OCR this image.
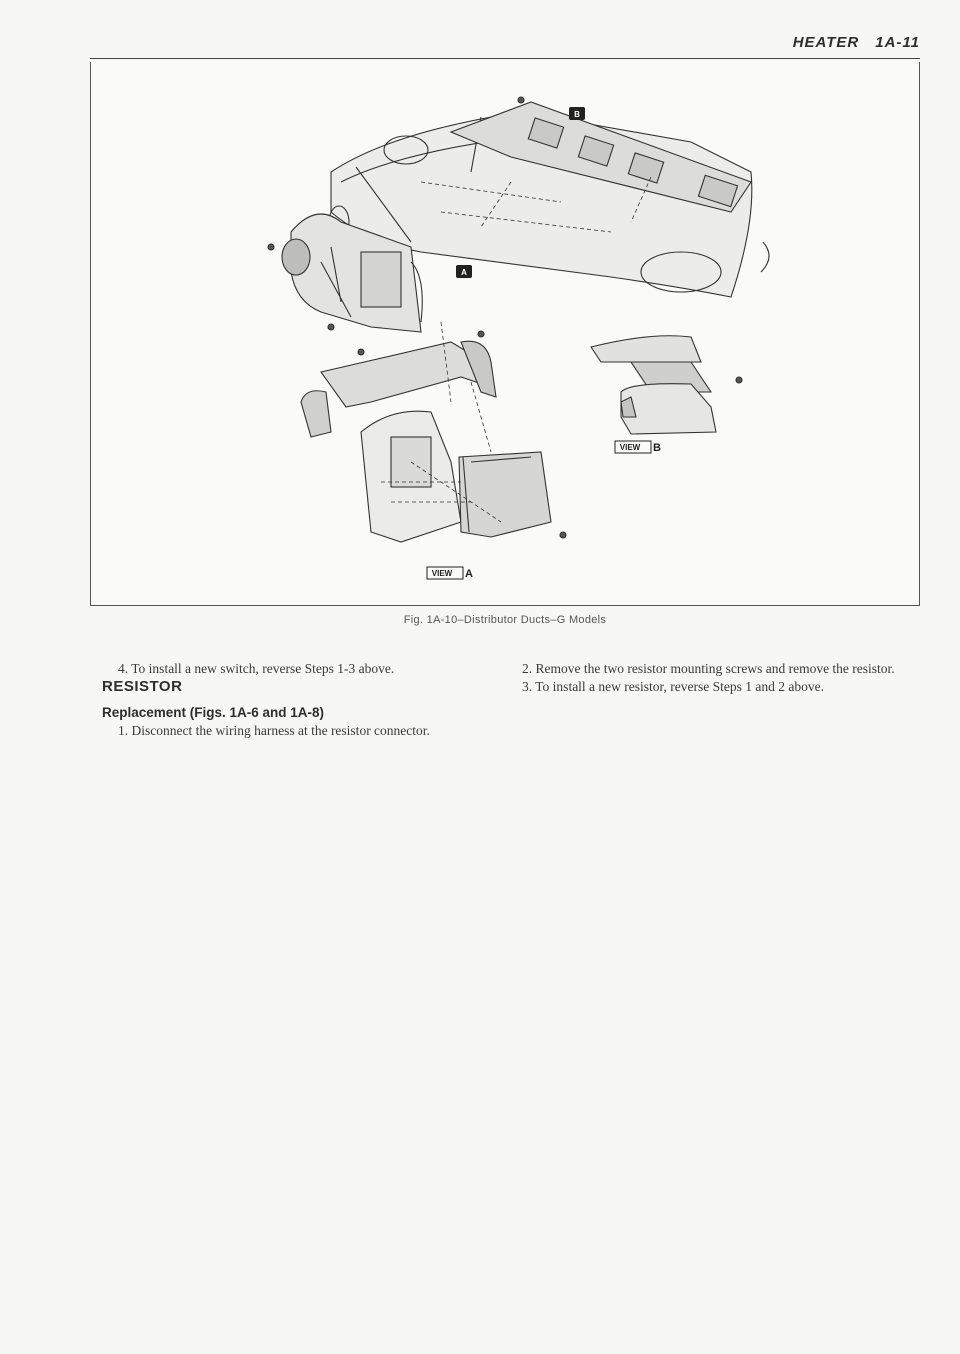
HEATER 1A-11
B
A
VIEW B
VIEW A
Fig. 1A-10–Distributor Ducts–G Models

4. To install a new switch, reverse Steps 1-3 above.

RESISTOR

Replacement (Figs. 1A-6 and 1A-8)

1. Disconnect the wiring harness at the resistor connector.

2. Remove the two resistor mounting screws and remove the resistor.

3. To install a new resistor, reverse Steps 1 and 2 above.
